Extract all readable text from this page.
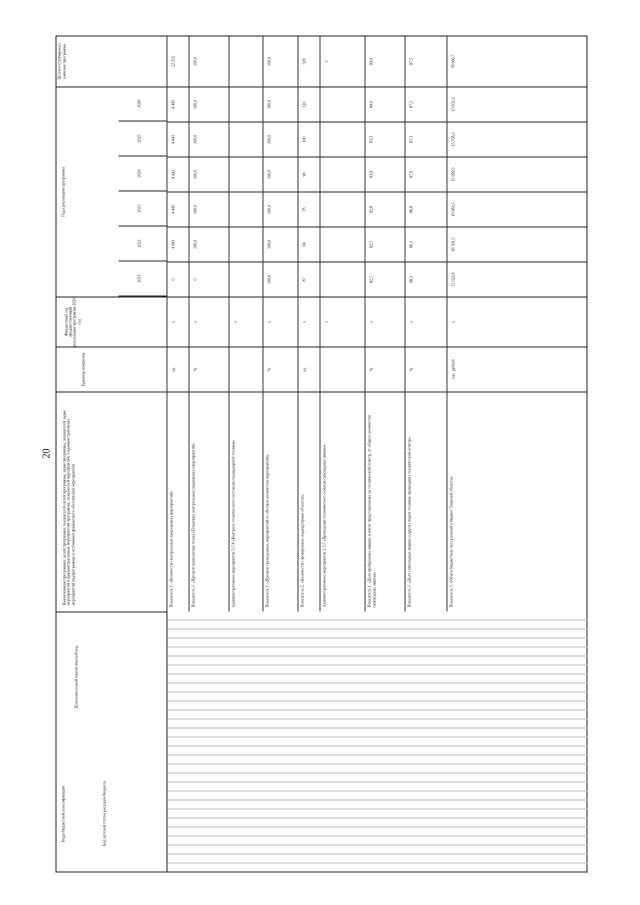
20
Коды бюджетной классификации	Код целевой статьи расходов бюджета
Дополнительный аналитический код
Наименование программы, целей программы, показателей целей программы, задач программы, показателей задач, мероприятий и административных мероприятий программы, показателей мероприятий, и административных мероприятий подпрограммы и источников финансового обеспечения мероприятий
Единица измерения
Финансовый год предшествующий реализации программы 2020 год
Годы реализации программы
2021
2022
2023
2024
2025
2026
Целевое (суммарное) значение программы
Показатель 1. «Количество контрольных (надзорных) мероприятий»
ед.
x
0
4 443
4 443
4 443
4 443
4 445
22 215
Показатель 2. «Процент выполнения плана «Плановых контрольных (надзорных) мероприятий»
%
x
0
100,0
100,0
100,0
100,0
100,0
100,0
Административное мероприятие 2.5.4 «Контроль технического состояния поднадзорной техники»
x
Показатель 1. «Процент проведенных мероприятий от объёмов количества мероприятий»
%
x
100,0
100,0
100,0
100,0
100,0
100,0
100,0
Показатель 2. «Количество проверенных поднадзорных объектов»
ед.
x
87
84
78
96
100
110
529
Административное мероприятие 2.5.5 «Проведение технического осмотра самоходных машин»
x
x
Показатель 1. «Доля пройденных машин, в числе представленных на технический осмотр, от общего количества самоходных машин»
%
x
82,7
82,5
82,8
83,4
83,5
84,0
84,0
Показатель 2. «Доля самоходных машин и других видов техники, прошедших технический осмотр»
%
x
86,3
86,5
86,8
87,0
87,3
87,5
87,5
Показатель 3. «Объем бюджетных поступлений в бюджет Тверской области»
тыс. рублей
x
13 322,8
16 591,5
16 983,5
15 999,5
15 758,3
15 653,3
78 966,7
